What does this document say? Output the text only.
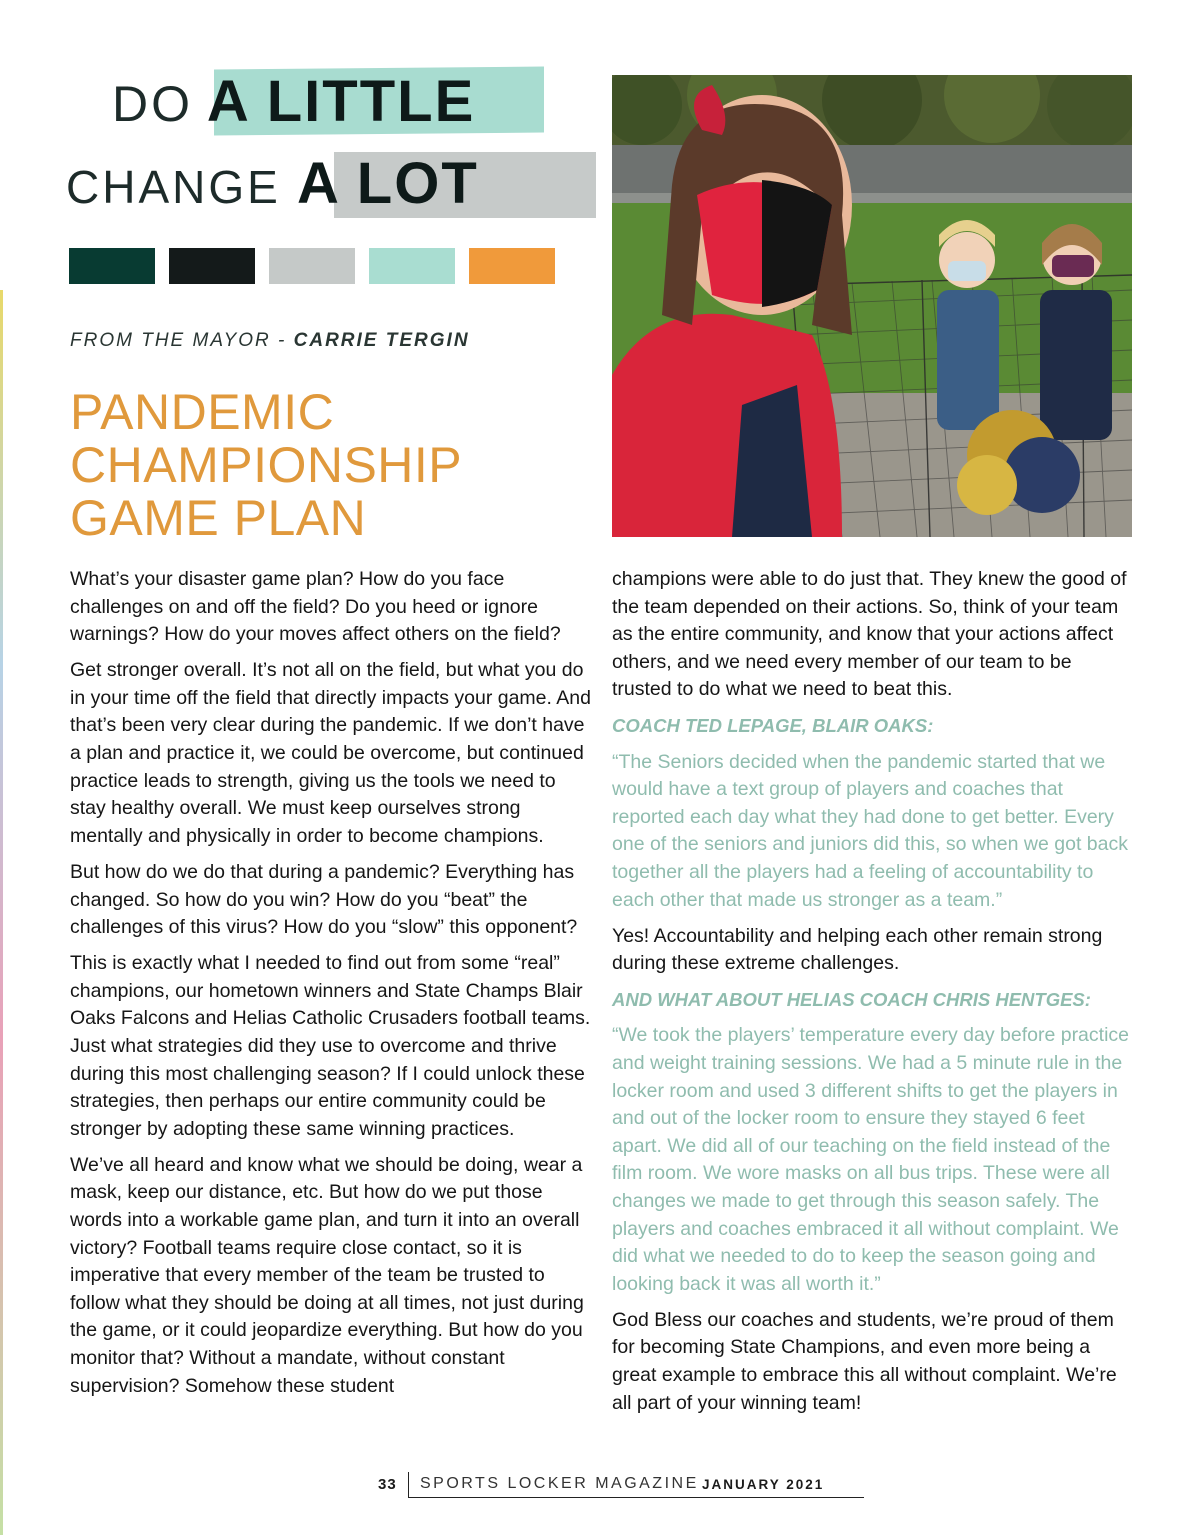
DO A LITTLE
CHANGE A LOT
FROM THE MAYOR - CARRIE TERGIN
PANDEMIC
CHAMPIONSHIP
GAME PLAN

What’s your disaster game plan? How do you face challenges on and off the field? Do you heed or ignore warnings? How do your moves affect others on the field?

Get stronger overall. It’s not all on the field, but what you do in your time off the field that directly impacts your game. And that’s been very clear during the pandemic. If we don’t have a plan and practice it, we could be overcome, but continued practice leads to strength, giving us the tools we need to stay healthy overall. We must keep ourselves strong mentally and physically in order to become champions.

But how do we do that during a pandemic? Everything has changed. So how do you win? How do you “beat” the challenges of this virus? How do you “slow” this opponent?

This is exactly what I needed to find out from some “real” champions, our hometown winners and State Champs Blair Oaks Falcons and Helias Catholic Crusaders football teams. Just what strategies did they use to overcome and thrive during this most challenging season? If I could unlock these strategies, then perhaps our entire community could be stronger by adopting these same winning practices.

We’ve all heard and know what we should be doing, wear a mask, keep our distance, etc. But how do we put those words into a workable game plan, and turn it into an overall victory? Football teams require close contact, so it is imperative that every member of the team be trusted to follow what they should be doing at all times, not just during the game, or it could jeopardize everything. But how do you monitor that? Without a mandate, without constant supervision? Somehow these student

champions were able to do just that. They knew the good of the team depended on their actions. So, think of your team as the entire community, and know that your actions affect others, and we need every member of our team to be trusted to do what we need to beat this.

COACH TED LEPAGE, BLAIR OAKS:

“The Seniors decided when the pandemic started that we would have a text group of players and coaches that reported each day what they had done to get better. Every one of the seniors and juniors did this, so when we got back together all the players had a feeling of accountability to each other that made us stronger as a team.”

Yes! Accountability and helping each other remain strong during these extreme challenges.

AND WHAT ABOUT HELIAS COACH CHRIS HENTGES:

“We took the players’ temperature every day before practice and weight training sessions. We had a 5 minute rule in the locker room and used 3 different shifts to get the players in and out of the locker room to ensure they stayed 6 feet apart. We did all of our teaching on the field instead of the film room. We wore masks on all bus trips. These were all changes we made to get through this season safely. The players and coaches embraced it all without complaint. We did what we needed to do to keep the season going and looking back it was all worth it.”

God Bless our coaches and students, we’re proud of them for becoming State Champions, and even more being a great example to embrace this all without complaint. We’re all part of your winning team!

33 SPORTS LOCKER MAGAZINE JANUARY 2021
